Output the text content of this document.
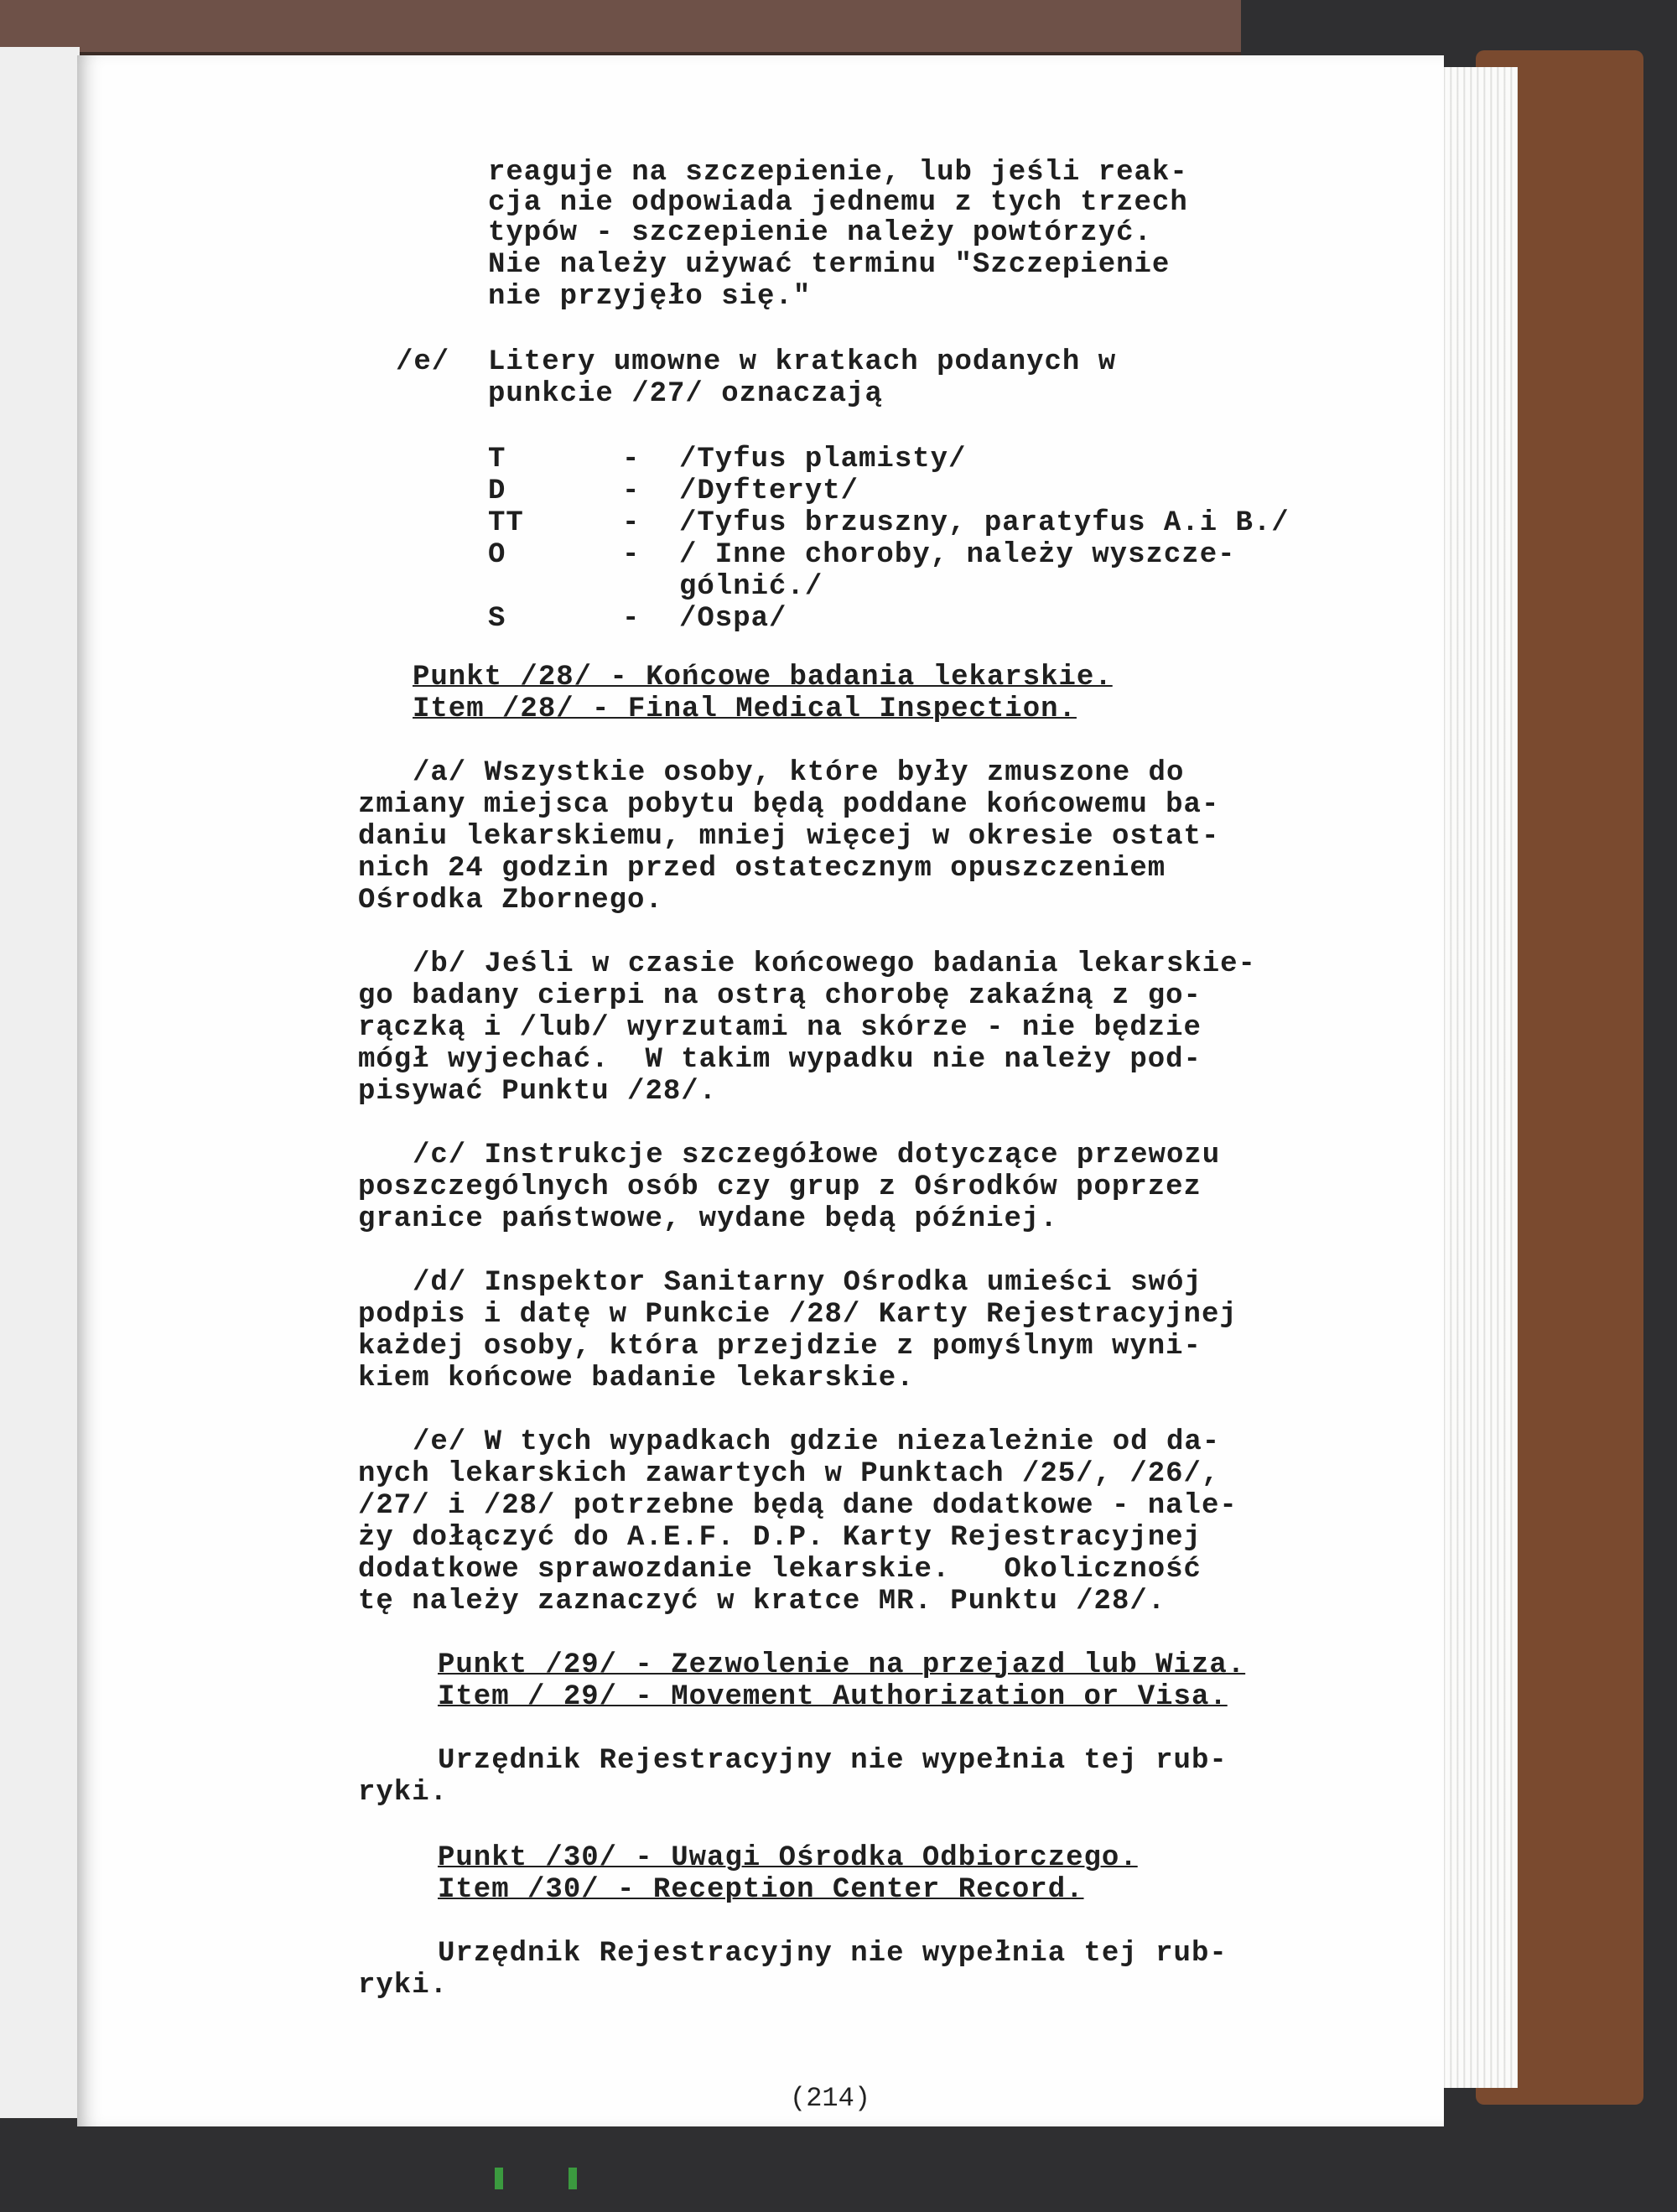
reaguje na szczepienie, lub jeśli reak-
cja nie odpowiada jednemu z tych trzech
typów - szczepienie należy powtórzyć.
Nie należy używać terminu "Szczepienie
nie przyjęło się."
/e/ Litery umowne w kratkach podanych w
punkcie /27/ oznaczają
T	- /Tyfus plamisty/
D	- /Dyfteryt/
TT	- /Tyfus brzuszny, paratyfus A.i B./
O	- / Inne choroby, należy wyszcze-
gólnić./
S	- /Ospa/
Punkt /28/ - Końcowe badania lekarskie.
Item /28/ - Final Medical Inspection.
/a/ Wszystkie osoby, które były zmuszone do
zmiany miejsca pobytu będą poddane końcowemu ba-
daniu lekarskiemu, mniej więcej w okresie ostat-
nich 24 godzin przed ostatecznym opuszczeniem
Ośrodka Zbornego.
/b/ Jeśli w czasie końcowego badania lekarskie-
go badany cierpi na ostrą chorobę zakaźną z go-
rączką i /lub/ wyrzutami na skórze - nie będzie
mógł wyjechać.  W takim wypadku nie należy pod-
pisywać Punktu /28/.
/c/ Instrukcje szczegółowe dotyczące przewozu
poszczególnych osób czy grup z Ośrodków poprzez
granice państwowe, wydane będą później.
/d/ Inspektor Sanitarny Ośrodka umieści swój
podpis i datę w Punkcie /28/ Karty Rejestracyjnej
każdej osoby, która przejdzie z pomyślnym wyni-
kiem końcowe badanie lekarskie.
/e/ W tych wypadkach gdzie niezależnie od da-
nych lekarskich zawartych w Punktach /25/, /26/,
/27/ i /28/ potrzebne będą dane dodatkowe - nale-
ży dołączyć do A.E.F. D.P. Karty Rejestracyjnej
dodatkowe sprawozdanie lekarskie.   Okoliczność
tę należy zaznaczyć w kratce MR. Punktu /28/.
Punkt /29/ - Zezwolenie na przejazd lub Wiza.
Item / 29/ - Movement Authorization or Visa.
Urzędnik Rejestracyjny nie wypełnia tej rub-
ryki.
Punkt /30/ - Uwagi Ośrodka Odbiorczego.
Item /30/ - Reception Center Record.
Urzędnik Rejestracyjny nie wypełnia tej rub-
ryki.
(214)
